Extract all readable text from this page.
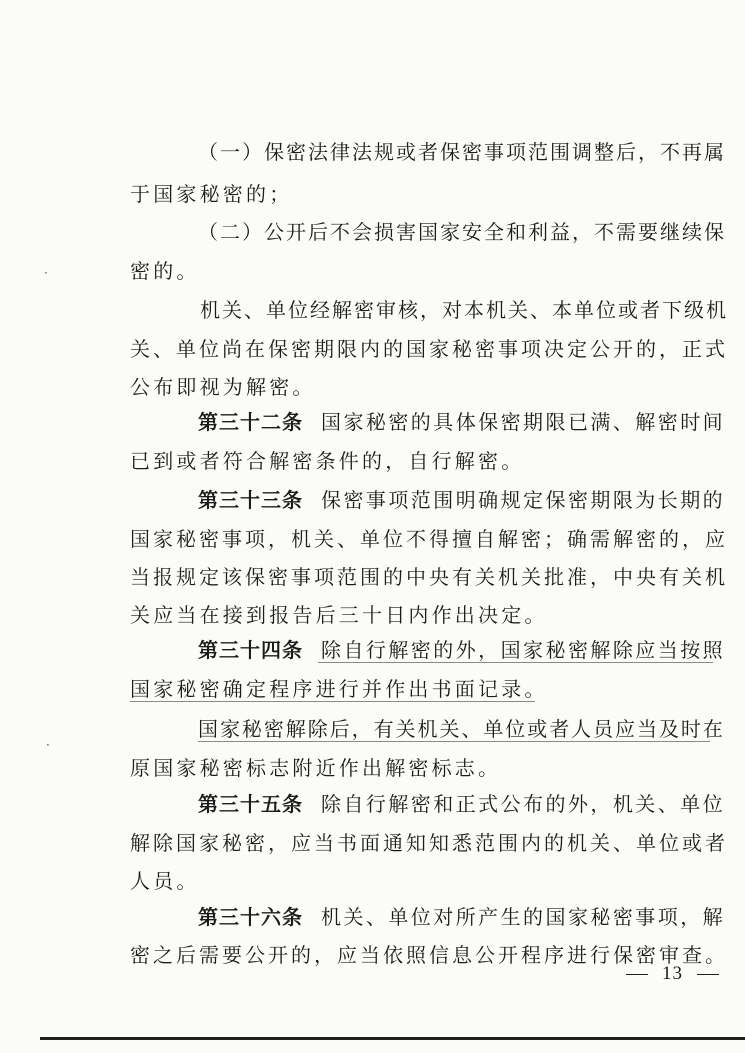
·
·
（一）保密法律法规或者保密事项范围调整后，不再属
于国家秘密的；
（二）公开后不会损害国家安全和利益，不需要继续保
密的。
机关、单位经解密审核，对本机关、本单位或者下级机
关、单位尚在保密期限内的国家秘密事项决定公开的，正式
公布即视为解密。
第三十二条 国家秘密的具体保密期限已满、解密时间
已到或者符合解密条件的，自行解密。
第三十三条 保密事项范围明确规定保密期限为长期的
国家秘密事项，机关、单位不得擅自解密；确需解密的，应
当报规定该保密事项范围的中央有关机关批准，中央有关机
关应当在接到报告后三十日内作出决定。
第三十四条 除自行解密的外，国家秘密解除应当按照
国家秘密确定程序进行并作出书面记录。
国家秘密解除后，有关机关、单位或者人员应当及时在
原国家秘密标志附近作出解密标志。
第三十五条 除自行解密和正式公布的外，机关、单位
解除国家秘密，应当书面通知知悉范围内的机关、单位或者
人员。
第三十六条 机关、单位对所产生的国家秘密事项，解
密之后需要公开的，应当依照信息公开程序进行保密审查。
13
